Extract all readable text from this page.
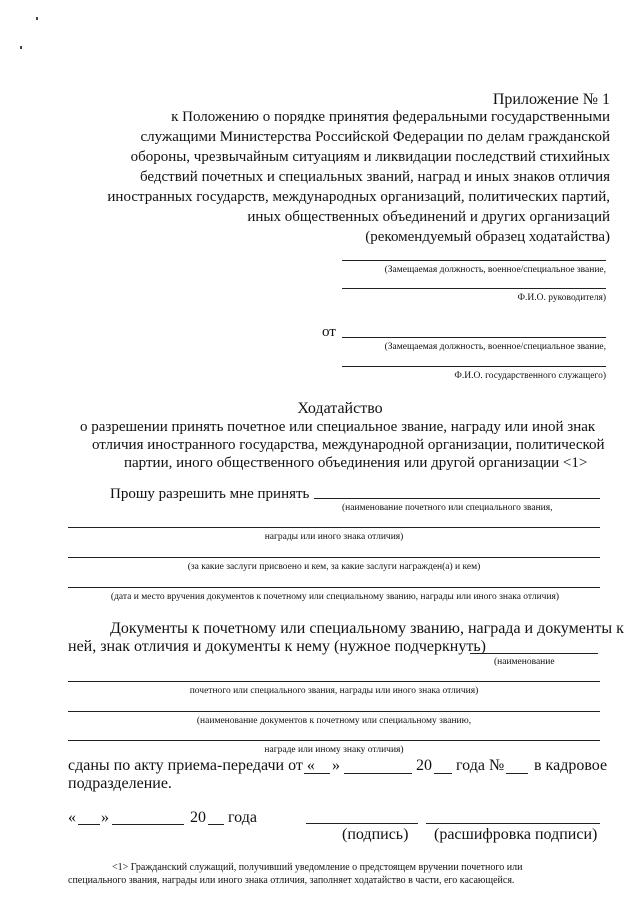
Приложение № 1
к Положению о порядке принятия федеральными государственными
служащими Министерства Российской Федерации по делам гражданской
обороны, чрезвычайным ситуациям и ликвидации последствий стихийных
бедствий почетных и специальных званий, наград и иных знаков отличия
иностранных государств, международных организаций, политических партий,
иных общественных объединений и других организаций
(рекомендуемый образец ходатайства)
(Замещаемая должность, военное/специальное звание,
Ф.И.О. руководителя)
от
(Замещаемая должность, военное/специальное звание,
Ф.И.О. государственного служащего)
Ходатайство
о разрешении принять почетное или специальное звание, награду или иной знак
отличия иностранного государства, международной организации, политической
партии, иного общественного объединения или другой организации <1>
Прошу разрешить мне принять
(наименование почетного или специального звания,
награды или иного знака отличия)
(за какие заслуги присвоено и кем, за какие заслуги награжден(а) и кем)
(дата и место вручения документов к почетному или специальному званию, награды или иного знака отличия)
Документы к почетному или специальному званию, награда и документы к
ней, знак отличия и документы к нему (нужное подчеркнуть)
(наименование
почетного или специального звания, награды или иного знака отличия)
(наименование документов к почетному или специальному званию,
награде или иному знаку отличия)
сданы по акту приема-передачи от « »	20 года № в кадровое
подразделение.
« »	20 года
(подпись) (расшифровка подписи)
<1> Гражданский служащий, получивший уведомление о предстоящем вручении почетного или
специального звания, награды или иного знака отличия, заполняет ходатайство в части, его касающейся.
